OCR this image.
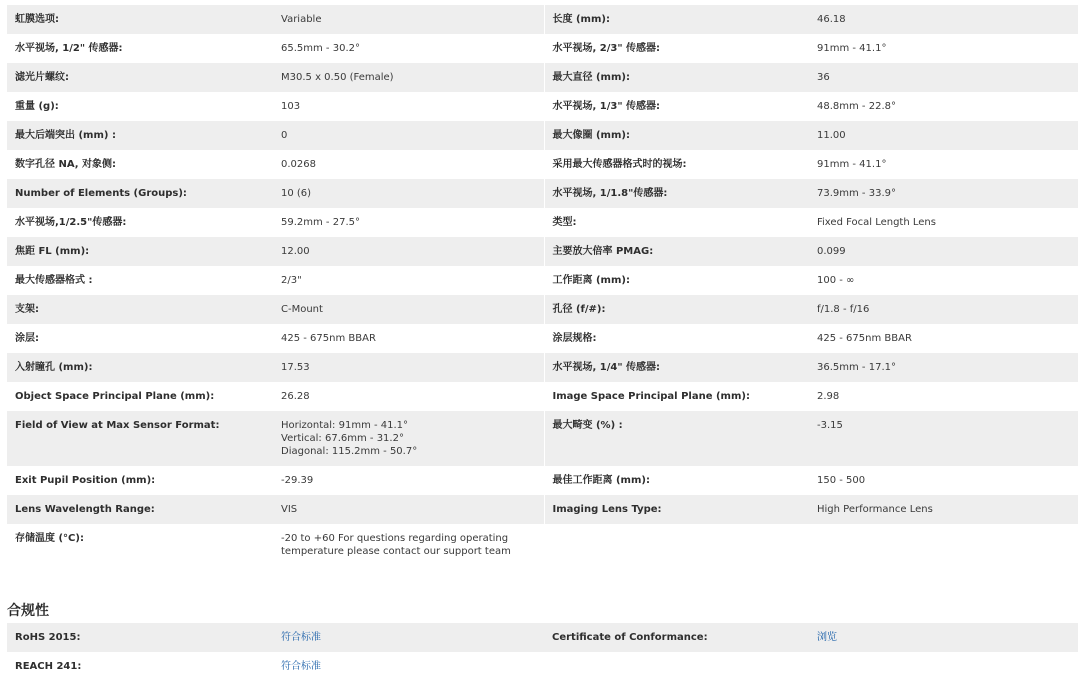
虹膜选项:	Variable	长度 (mm):	46.18
水平视场, 1/2" 传感器:	65.5mm - 30.2°	水平视场, 2/3" 传感器:	91mm - 41.1°
滤光片螺纹:	M30.5 x 0.50 (Female)	最大直径 (mm):	36
重量 (g):	103	水平视场, 1/3" 传感器:	48.8mm - 22.8°
最大后端突出 (mm) :	0	最大像圈 (mm):	11.00
数字孔径 NA, 对象侧:	0.0268	采用最大传感器格式时的视场:	91mm - 41.1°
Number of Elements (Groups):	10 (6)	水平视场, 1/1.8"传感器:	73.9mm - 33.9°
水平视场,1/2.5"传感器:	59.2mm - 27.5°	类型:	Fixed Focal Length Lens
焦距 FL (mm):	12.00	主要放大倍率 PMAG:	0.099
最大传感器格式 :	2/3"	工作距离 (mm):	100 - ∞
支架:	C-Mount	孔径 (f/#):	f/1.8 - f/16
涂层:	425 - 675nm BBAR	涂层规格:	425 - 675nm BBAR
入射瞳孔 (mm):	17.53	水平视场, 1/4" 传感器:	36.5mm - 17.1°
Object Space Principal Plane (mm):	26.28	Image Space Principal Plane (mm):	2.98
Field of View at Max Sensor Format:	Horizontal: 91mm - 41.1°
Vertical: 67.6mm - 31.2°
Diagonal: 115.2mm - 50.7°	最大畸变 (%) :	-3.15
Exit Pupil Position (mm):	-29.39	最佳工作距离 (mm):	150 - 500
Lens Wavelength Range:	VIS	Imaging Lens Type:	High Performance Lens
存储温度 (°C):	-20 to +60 For questions regarding operating
temperature please contact our support team		

合规性
RoHS 2015:	符合标准	Certificate of Conformance:	浏览
REACH 241:	符合标准		
